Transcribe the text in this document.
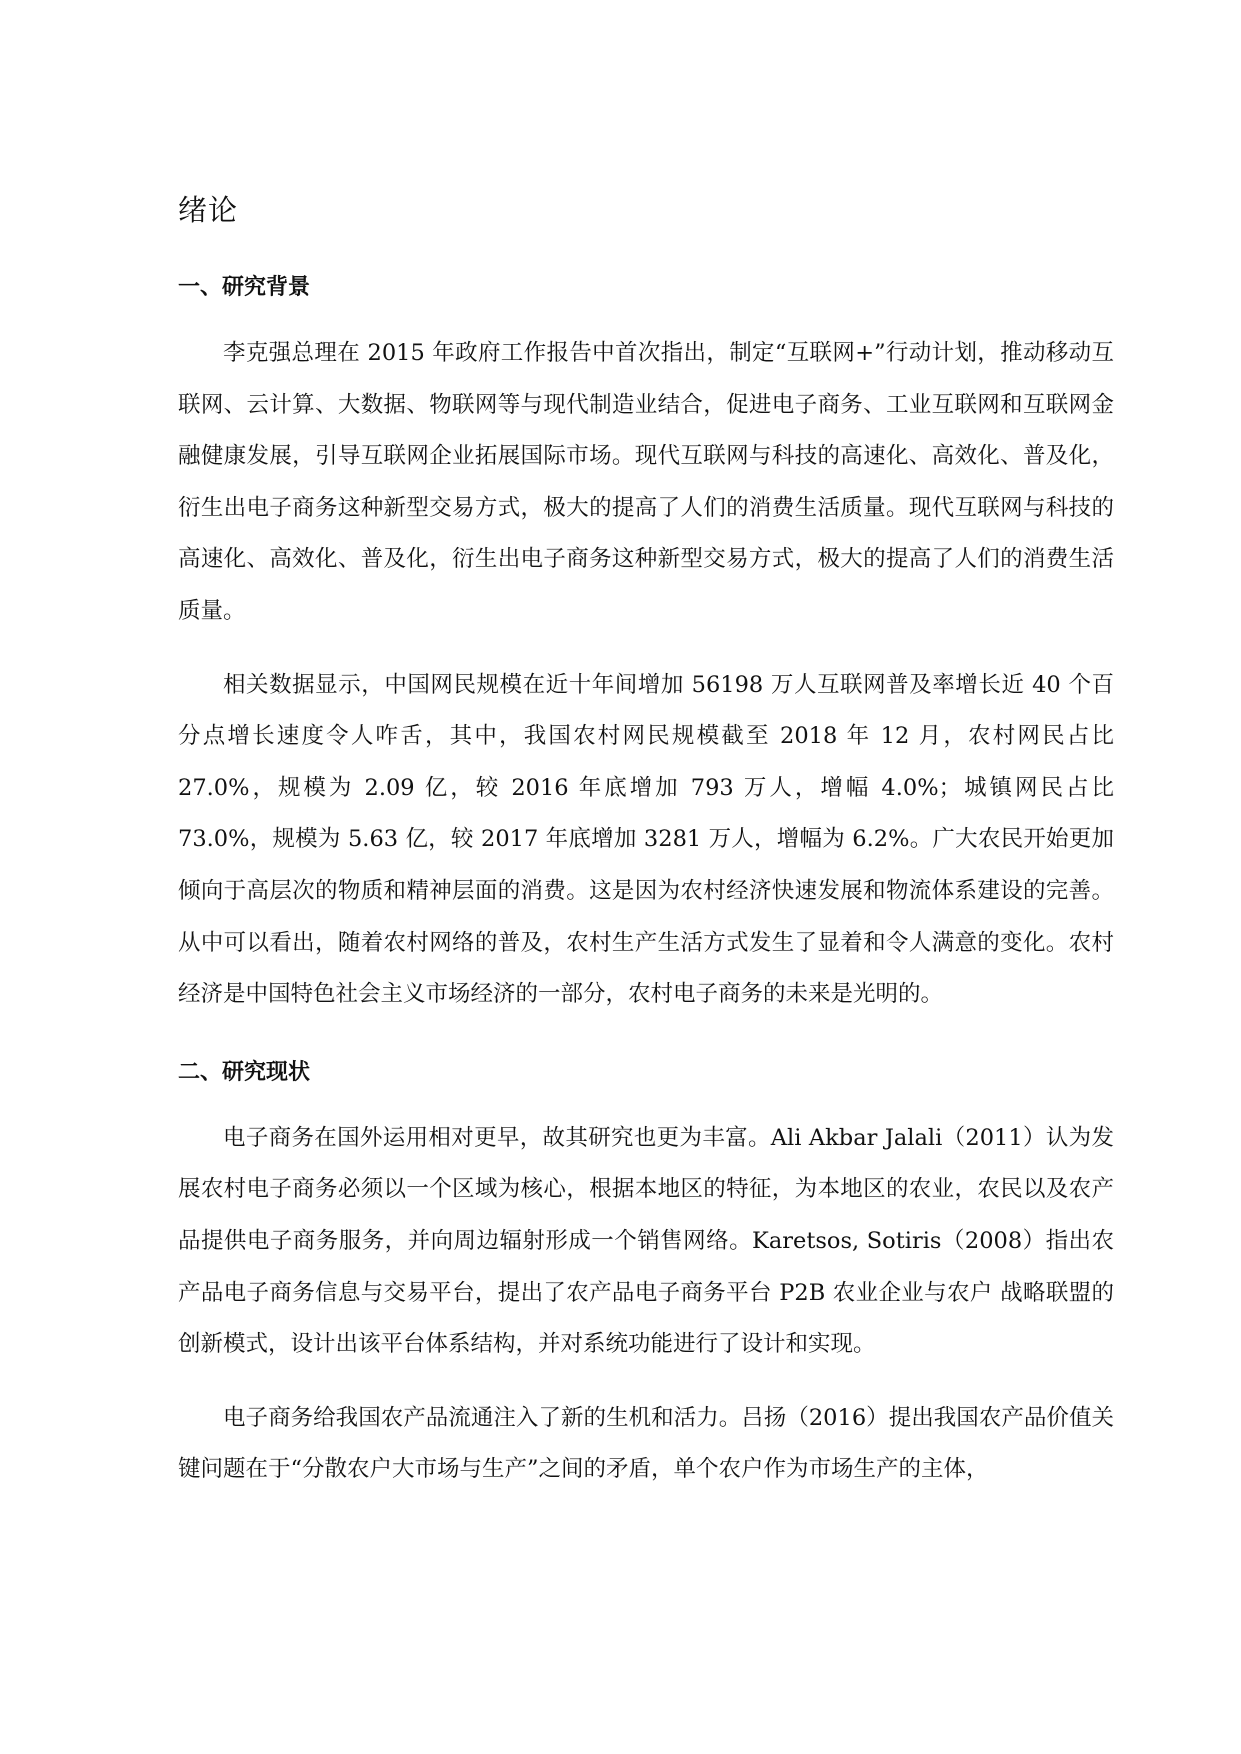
绪论
一、研究背景

李克强总理在 2015 年政府工作报告中首次指出，制定“互联网+”行动计划，推动移动互联网、云计算、大数据、物联网等与现代制造业结合，促进电子商务、工业互联网和互联网金融健康发展，引导互联网企业拓展国际市场。现代互联网与科技的高速化、高效化、普及化，衍生出电子商务这种新型交易方式，极大的提高了人们的消费生活质量。现代互联网与科技的高速化、高效化、普及化，衍生出电子商务这种新型交易方式，极大的提高了人们的消费生活质量。

相关数据显示，中国网民规模在近十年间增加 56198 万人互联网普及率增长近 40 个百分点增长速度令人咋舌，其中，我国农村网民规模截至 2018 年 12 月，农村网民占比 27.0%，规模为 2.09 亿，较 2016 年底增加 793 万人，增幅 4.0%；城镇网民占比 73.0%，规模为 5.63 亿，较 2017 年底增加 3281 万人，增幅为 6.2%。广大农民开始更加倾向于高层次的物质和精神层面的消费。这是因为农村经济快速发展和物流体系建设的完善。从中可以看出，随着农村网络的普及，农村生产生活方式发生了显着和令人满意的变化。农村经济是中国特色社会主义市场经济的一部分，农村电子商务的未来是光明的。

二、研究现状

电子商务在国外运用相对更早，故其研究也更为丰富。Ali Akbar Jalali（2011）认为发展农村电子商务必须以一个区域为核心，根据本地区的特征，为本地区的农业，农民以及农产品提供电子商务服务，并向周边辐射形成一个销售网络。Karetsos, Sotiris（2008）指出农产品电子商务信息与交易平台，提出了农产品电子商务平台 P2B 农业企业与农户 战略联盟的创新模式，设计出该平台体系结构，并对系统功能进行了设计和实现。

电子商务给我国农产品流通注入了新的生机和活力。吕扬（2016）提出我国农产品价值关键问题在于“分散农户大市场与生产”之间的矛盾，单个农户作为市场生产的主体，
